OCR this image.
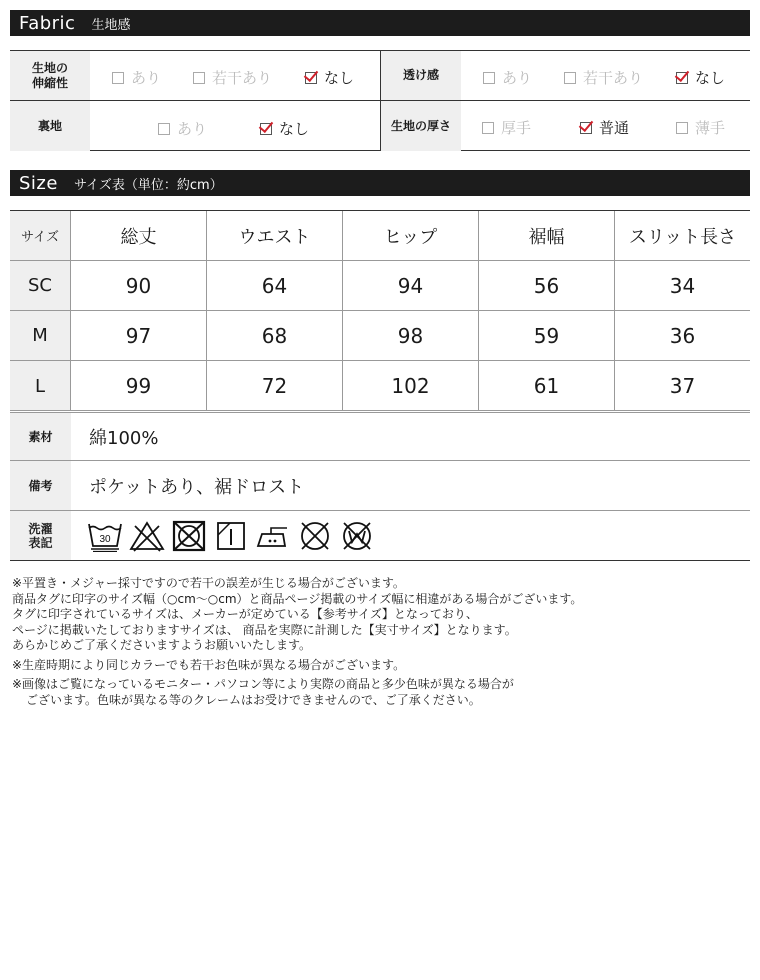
Fabric 生地感
生地の
伸縮性	あり	若干あり	なし	透け感	あり	若干あり	なし
裏地	あり	なし	生地の厚さ	厚手	普通	薄手
Size サイズ表（単位：約cm）
サイズ	総丈	ウエスト	ヒップ	裾幅	スリット長さ
SC	90	64	94	56	34
M	97	68	98	59	36
L	99	72	102	61	37
素材	綿100%
備考	ポケットあり、裾ドロスト
洗濯
表記	30

※平置き・メジャー採寸ですので若干の誤差が生じる場合がございます。

商品タグに印字のサイズ幅（○cm～○cm）と商品ページ掲載のサイズ幅に相違がある場合がございます。

タグに印字されているサイズは、メーカーが定めている【参考サイズ】となっており、

ページに掲載いたしておりますサイズは、 商品を実際に計測した【実寸サイズ】となります。

あらかじめご了承くださいますようお願いいたします。

※生産時期により同じカラーでも若干お色味が異なる場合がございます。

※画像はご覧になっているモニター・パソコン等により実際の商品と多少色味が異なる場合が

ございます。色味が異なる等のクレームはお受けできませんので、ご了承ください。
